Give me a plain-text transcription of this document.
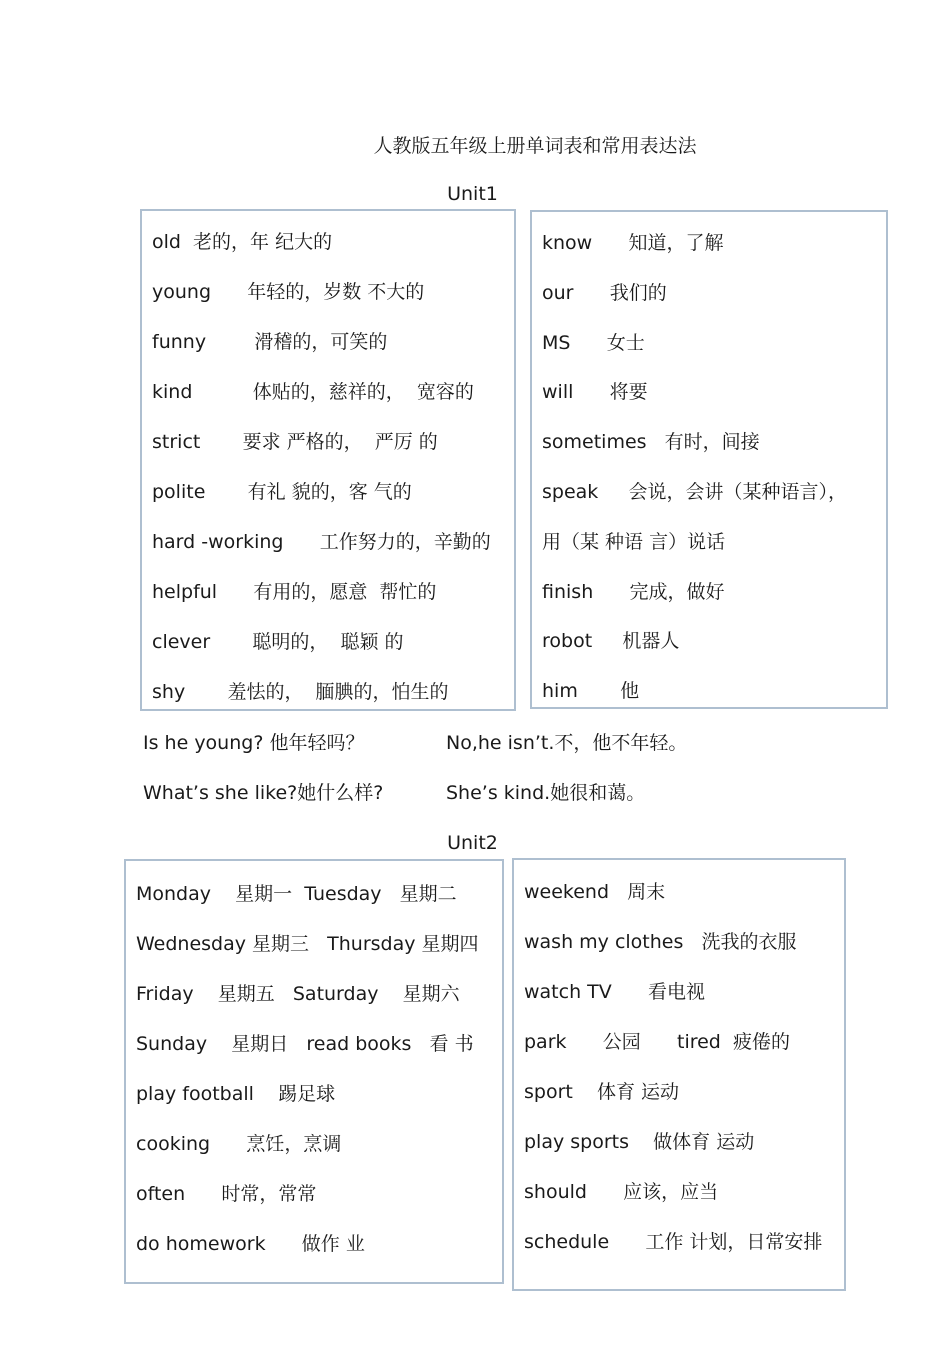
人教版五年级上册单词表和常用表达法
Unit1
old  老的，年 纪大的
young      年轻的，岁数 不大的
funny        滑稽的，可笑的
kind          体贴的，慈祥的，  宽容的
strict       要求 严格的，  严厉 的
polite       有礼 貌的，客 气的
hard -working      工作努力的，辛勤的
helpful      有用的，愿意  帮忙的
clever       聪明的，  聪颖 的
shy       羞怯的，  腼腆的，怕生的
know      知道，了解
our      我们的
MS      女士
will      将要
sometimes   有时，间接
speak     会说，会讲（某种语言），
用（某 种语 言）说话
finish      完成，做好
robot     机器人
him       他
Is he young? 他年轻吗？	No,he isn’t.不，他不年轻。
What’s she like?她什么样?	She’s kind.她很和蔼。
Unit2
Monday    星期一  Tuesday   星期二
Wednesday 星期三   Thursday 星期四
Friday    星期五   Saturday    星期六
Sunday    星期日   read books   看 书
play football    踢足球
cooking      烹饪，烹调
often      时常，常常
do homework      做作 业
weekend   周末
wash my clothes   洗我的衣服
watch TV      看电视
park      公园      tired  疲倦的
sport    体育 运动
play sports    做体育 运动
should      应该，应当
schedule      工作 计划，日常安排
